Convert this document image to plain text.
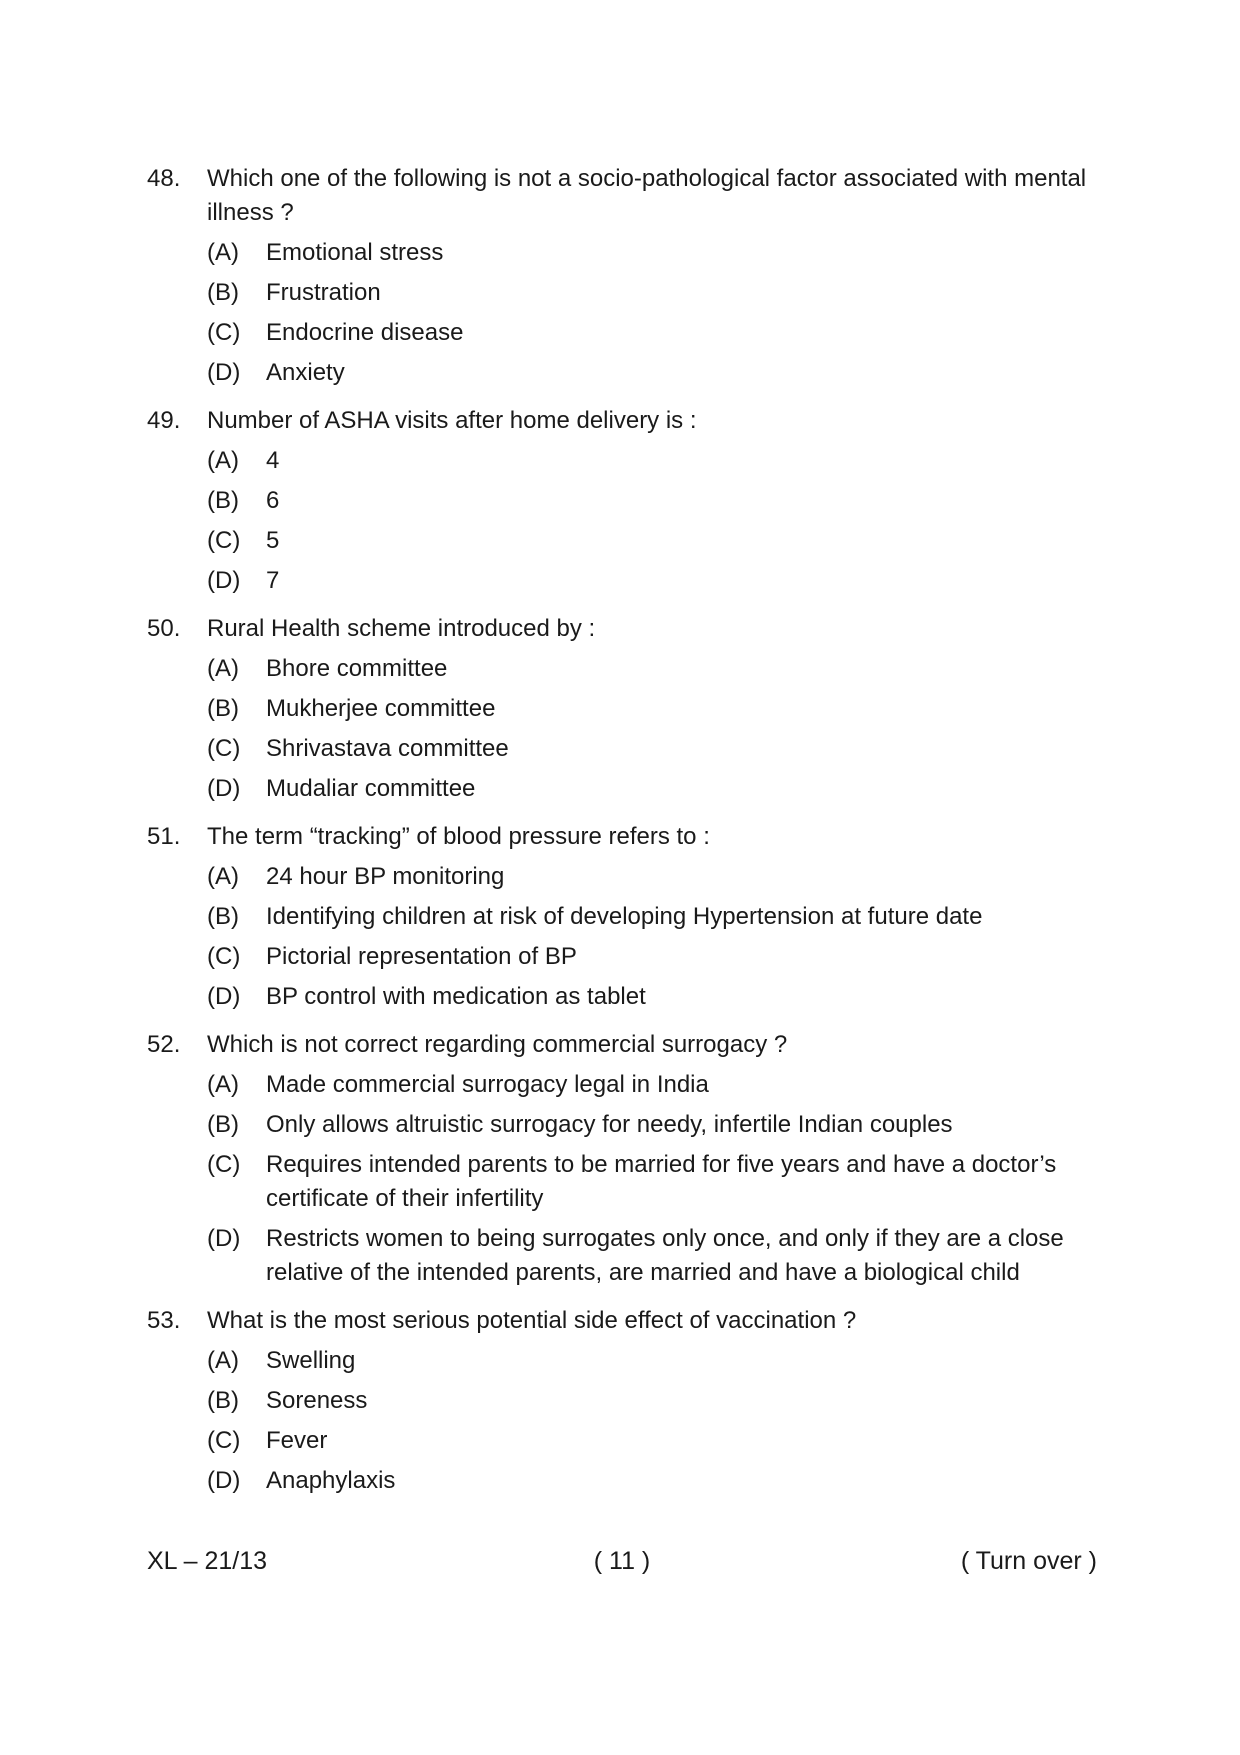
48.	Which one of the following is not a socio-pathological factor associated with mental illness ?
(A)	Emotional stress
(B)	Frustration
(C)	Endocrine disease
(D)	Anxiety
49.	Number of ASHA visits after home delivery is :
(A)	4
(B)	6
(C)	5
(D)	7
50.	Rural Health scheme introduced by :
(A)	Bhore committee
(B)	Mukherjee committee
(C)	Shrivastava committee
(D)	Mudaliar committee
51.	The term “tracking” of blood pressure refers to :
(A)	24 hour BP monitoring
(B)	Identifying children at risk of developing Hypertension at future date
(C)	Pictorial representation of BP
(D)	BP control with medication as tablet
52.	Which is not correct regarding commercial surrogacy ?
(A)	Made commercial surrogacy legal in India
(B)	Only allows altruistic surrogacy for needy, infertile Indian couples
(C)	Requires intended parents to be married for five years and have a doctor’s certificate of their infertility
(D)	Restricts women to being surrogates only once, and only if they are a close relative of the intended parents, are married and have a biological child
53.	What is the most serious potential side effect of vaccination ?
(A)	Swelling
(B)	Soreness
(C)	Fever
(D)	Anaphylaxis
XL – 21/13	( 11 )	( Turn over )
